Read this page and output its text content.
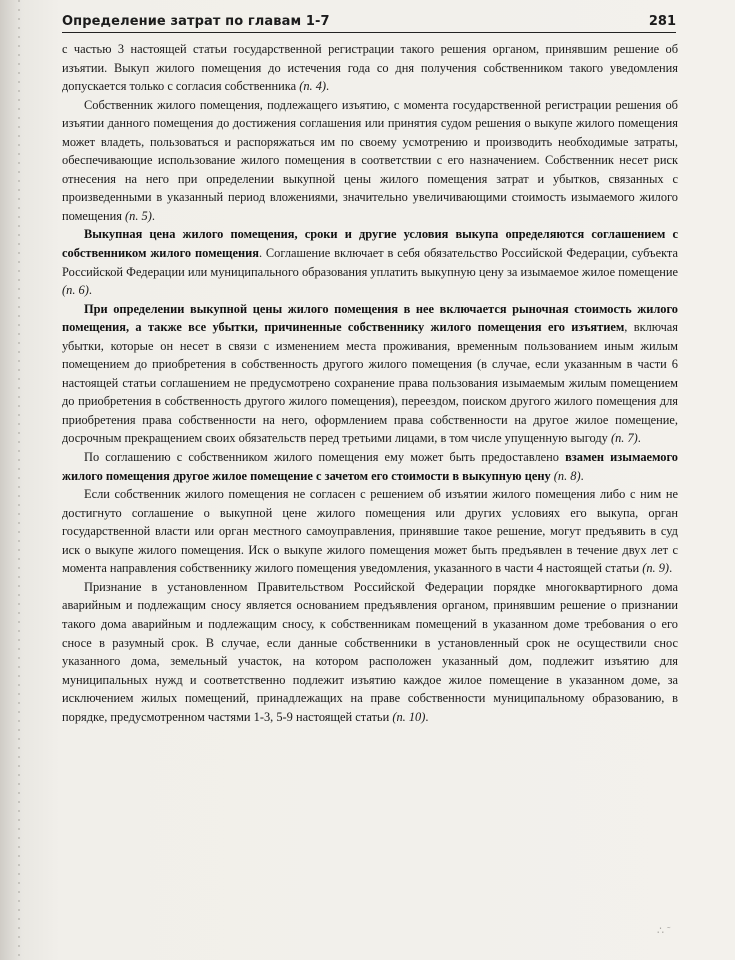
Определение затрат по главам 1-7	281

с частью 3 настоящей статьи государственной регистрации такого решения органом, принявшим решение об изъятии. Выкуп жилого помещения до истечения года со дня получения собственником такого уведомления допускается только с согласия собственника (п. 4).

Собственник жилого помещения, подлежащего изъятию, с момента государственной регистрации решения об изъятии данного помещения до достижения соглашения или принятия судом решения о выкупе жилого помещения может владеть, пользоваться и распоряжаться им по своему усмотрению и производить необходимые затраты, обеспечивающие использование жилого помещения в соответствии с его назначением. Собственник несет риск отнесения на него при определении выкупной цены жилого помещения затрат и убытков, связанных с произведенными в указанный период вложениями, значительно увеличивающими стоимость изымаемого жилого помещения (п. 5).

Выкупная цена жилого помещения, сроки и другие условия выкупа определяются соглашением с собственником жилого помещения. Соглашение включает в себя обязательство Российской Федерации, субъекта Российской Федерации или муниципального образования уплатить выкупную цену за изымаемое жилое помещение (п. 6).

При определении выкупной цены жилого помещения в нее включается рыночная стоимость жилого помещения, а также все убытки, причиненные собственнику жилого помещения его изъятием, включая убытки, которые он несет в связи с изменением места проживания, временным пользованием иным жилым помещением до приобретения в собственность другого жилого помещения (в случае, если указанным в части 6 настоящей статьи соглашением не предусмотрено сохранение права пользования изымаемым жилым помещением до приобретения в собственность другого жилого помещения), переездом, поиском другого жилого помещения для приобретения права собственности на него, оформлением права собственности на другое жилое помещение, досрочным прекращением своих обязательств перед третьими лицами, в том числе упущенную выгоду (п. 7).

По соглашению с собственником жилого помещения ему может быть предоставлено взамен изымаемого жилого помещения другое жилое помещение с зачетом его стоимости в выкупную цену (п. 8).

Если собственник жилого помещения не согласен с решением об изъятии жилого помещения либо с ним не достигнуто соглашение о выкупной цене жилого помещения или других условиях его выкупа, орган государственной власти или орган местного самоуправления, принявшие такое решение, могут предъявить в суд иск о выкупе жилого помещения. Иск о выкупе жилого помещения может быть предъявлен в течение двух лет с момента направления собственнику жилого помещения уведомления, указанного в части 4 настоящей статьи (п. 9).

Признание в установленном Правительством Российской Федерации порядке многоквартирного дома аварийным и подлежащим сносу является основанием предъявления органом, принявшим решение о признании такого дома аварийным и подлежащим сносу, к собственникам помещений в указанном доме требования о его сносе в разумный срок. В случае, если данные собственники в установленный срок не осуществили снос указанного дома, земельный участок, на котором расположен указанный дом, подлежит изъятию для муниципальных нужд и соответственно подлежит изъятию каждое жилое помещение в указанном доме, за исключением жилых помещений, принадлежащих на праве собственности муниципальному образованию, в порядке, предусмотренном частями 1-3, 5-9 настоящей статьи (п. 10).

∴ ˜
